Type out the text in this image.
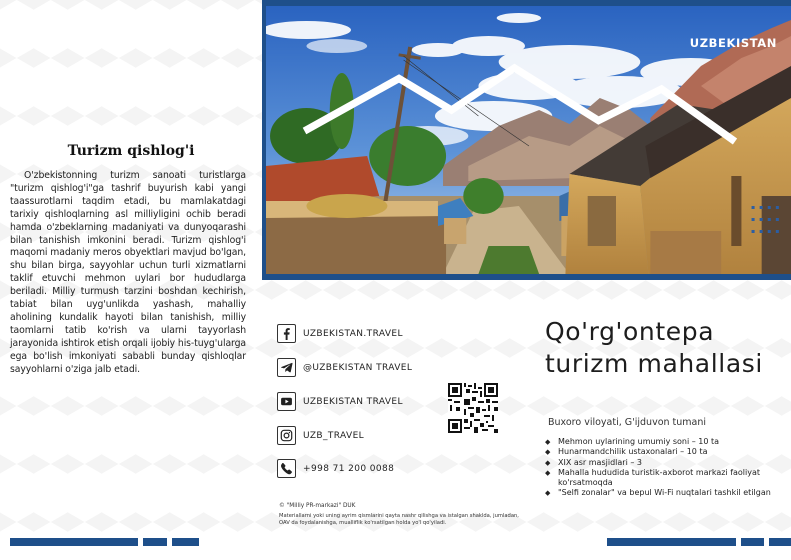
Turizm qishlog'i

O'zbekistonning turizm sanoati turistlarga "turizm qishlog'i"ga tashrif buyurish kabi yangi taassurotlarni taqdim etadi, bu mamlakatdagi tarixiy qishloqlarning asl milliyligini ochib beradi hamda o'zbeklarning madaniyati va dunyoqarashi bilan tanishish imkonini beradi. Turizm qishlog'i maqomi madaniy meros obyektlari mavjud bo'lgan, shu bilan birga, sayyohlar uchun turli xizmatlarni taklif etuvchi mehmon uylari bor hududlarga beriladi. Milliy turmush tarzini boshdan kechirish, tabiat bilan uyg'unlikda yashash, mahalliy aholining kundalik hayoti bilan tanishish, milliy taomlarni tatib ko'rish va ularni tayyorlash jarayonida ishtirok etish orqali ijobiy his-tuyg'ularga ega bo'lish imkoniyati sababli bunday qishloqlar sayyohlarni o'ziga jalb etadi.

UZBEKISTAN
UZBEKISTAN.TRAVEL
@UZBEKISTAN TRAVEL
UZBEKISTAN TRAVEL
UZB_TRAVEL
+998 71 200 0088
© "Milliy PR-markazi" DUK
Materiallarni yoki uning ayrim qismlarini qayta nashr qilishga va istalgan shaklda, jumladan, OAV da foydalanishga, mualliflik ko'rsatilgan holda yo'l qo'yiladi.
Qo'rg'ontepa
turizm mahallasi
Buxoro viloyati, G'ijduvon tumani
◆ Mehmon uylarining umumiy soni – 10 ta
◆ Hunarmandchilik ustaxonalari – 10 ta
◆ XIX asr masjidlari – 3
◆ Mahalla hududida turistik-axborot markazi faoliyat ko'rsatmoqda
◆ "Selfi zonalar" va bepul Wi-Fi nuqtalari tashkil etilgan
